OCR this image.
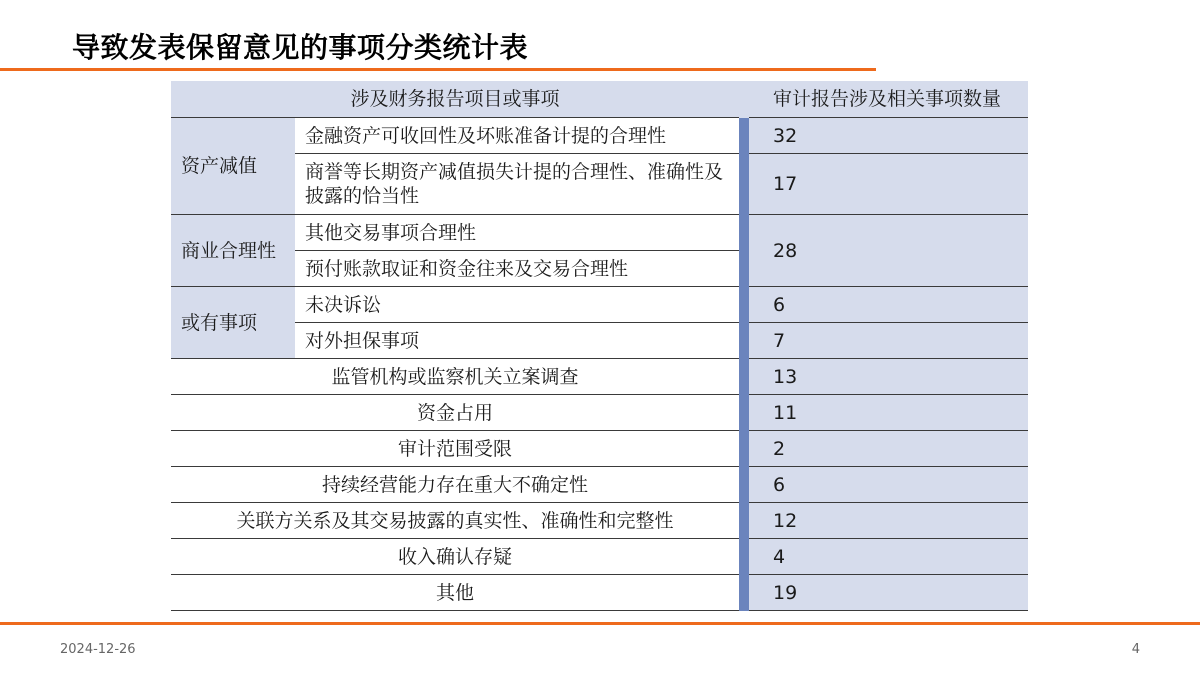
导致发表保留意见的事项分类统计表
涉及财务报告项目或事项			审计报告涉及相关事项数量
资产减值	金融资产可收回性及坏账准备计提的合理性		32
	商誉等长期资产减值损失计提的合理性、准确性及披露的恰当性		17
商业合理性	其他交易事项合理性		28
	预付账款取证和资金往来及交易合理性		
或有事项	未决诉讼		6
	对外担保事项		7
监管机构或监察机关立案调查			13
资金占用			11
审计范围受限			2
持续经营能力存在重大不确定性			6
关联方关系及其交易披露的真实性、准确性和完整性			12
收入确认存疑			4
其他			19
2024-12-26	4
